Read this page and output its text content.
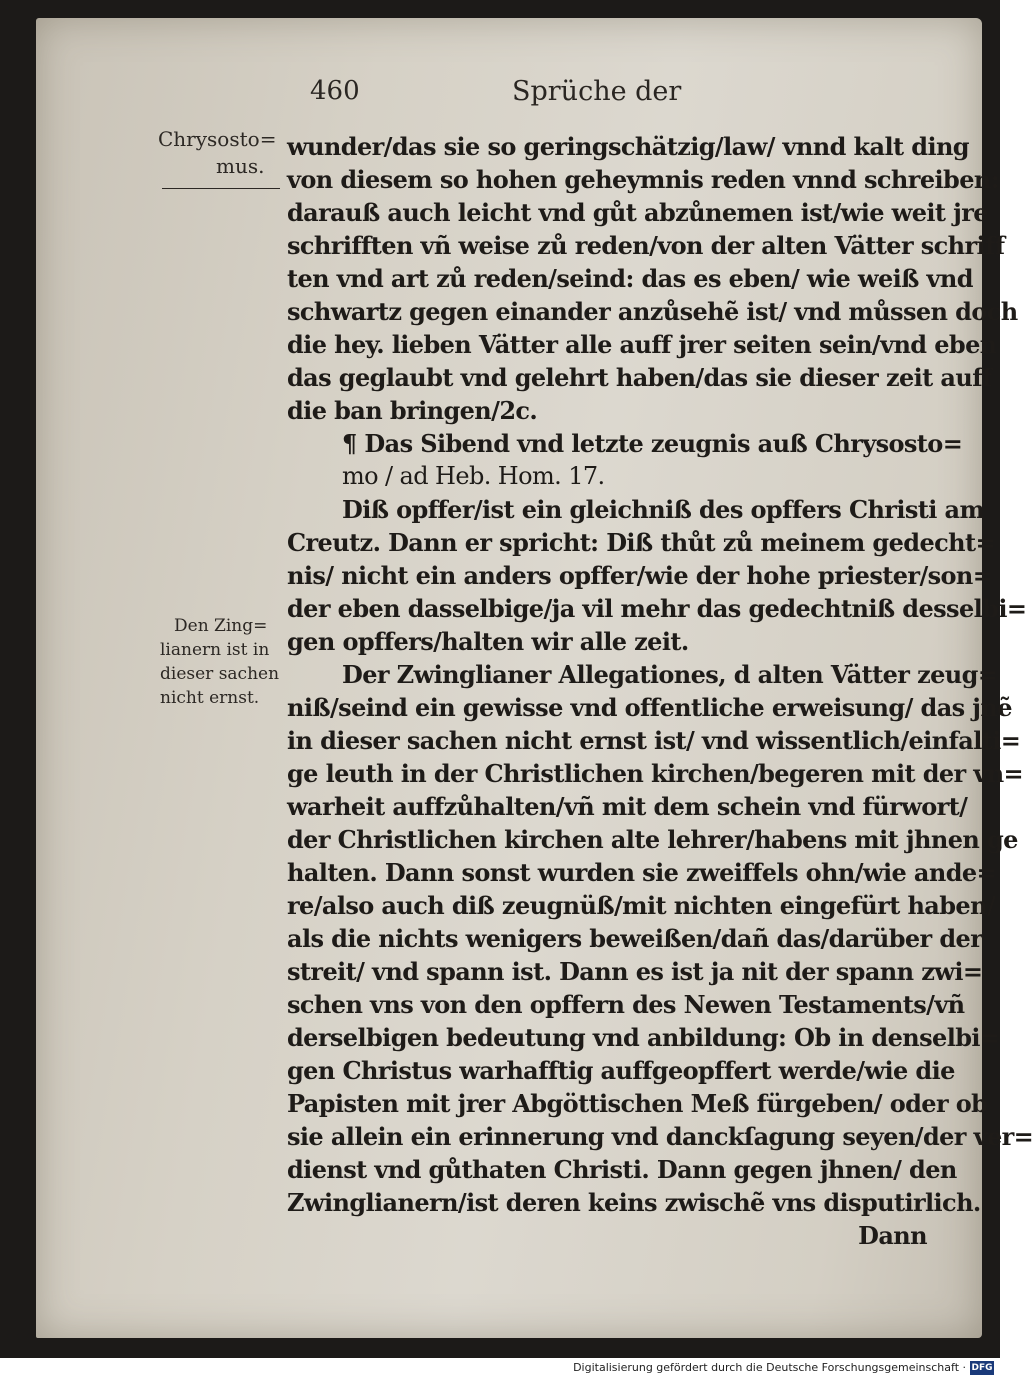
460	Sprüche der
Chrysosto=
mus.
Den Zing=
lianern ist in
dieser sachen
nicht ernst.
wunder/das sie so geringschätzig/law/ vnnd kalt ding
von diesem so hohen geheymnis reden vnnd schreiben:
darauß auch leicht vnd gůt abzůnemen ist/wie weit jre
schrifften vñ weise zů reden/von der alten Vätter schriff
ten vnd art zů reden/seind: das es eben/ wie weiß vnd
schwartz gegen einander anzůsehẽ ist/ vnd můssen doch
die hey. lieben Vätter alle auff jrer seiten sein/vnd eben
das geglaubt vnd gelehrt haben/das sie dieser zeit auff
die ban bringen/2c.
¶ Das Sibend vnd letzte zeugnis auß Chrysosto=
mo / ad Heb. Hom. 17.
Diß opffer/ist ein gleichniß des opffers Christi am
Creutz. Dann er spricht: Diß thůt zů meinem gedecht=
nis/ nicht ein anders opffer/wie der hohe priester/son=
der eben dasselbige/ja vil mehr das gedechtniß desselbi=
gen opffers/halten wir alle zeit.
Der Zwinglianer Allegationes, d alten Vätter zeug=
niß/seind ein gewisse vnd offentliche erweisung/ das jnẽ
in dieser sachen nicht ernst ist/ vnd wissentlich/einfalti=
ge leuth in der Christlichen kirchen/begeren mit der vn=
warheit auffzůhalten/vñ mit dem schein vnd fürwort/
der Christlichen kirchen alte lehrer/habens mit jhnen ge
halten. Dann sonst wurden sie zweiffels ohn/wie ande=
re/also auch diß zeugnüß/mit nichten eingefürt haben/
als die nichts wenigers beweißen/dañ das/darüber der
streit/ vnd spann ist. Dann es ist ja nit der spann zwi=
schen vns von den opffern des Newen Testaments/vñ
derselbigen bedeutung vnd anbildung: Ob in denselbi=
gen Christus warhafftig auffgeopffert werde/wie die
Papisten mit jrer Abgöttischen Meß fürgeben/ oder ob
sie allein ein erinnerung vnd danckſagung seyen/der ver=
dienst vnd gůthaten Christi. Dann gegen jhnen/ den
Zwinglianern/ist deren keins zwischẽ vns disputirlich.
Dann
Digitalisierung gefördert durch die Deutsche Forschungsgemeinschaft · DFG
